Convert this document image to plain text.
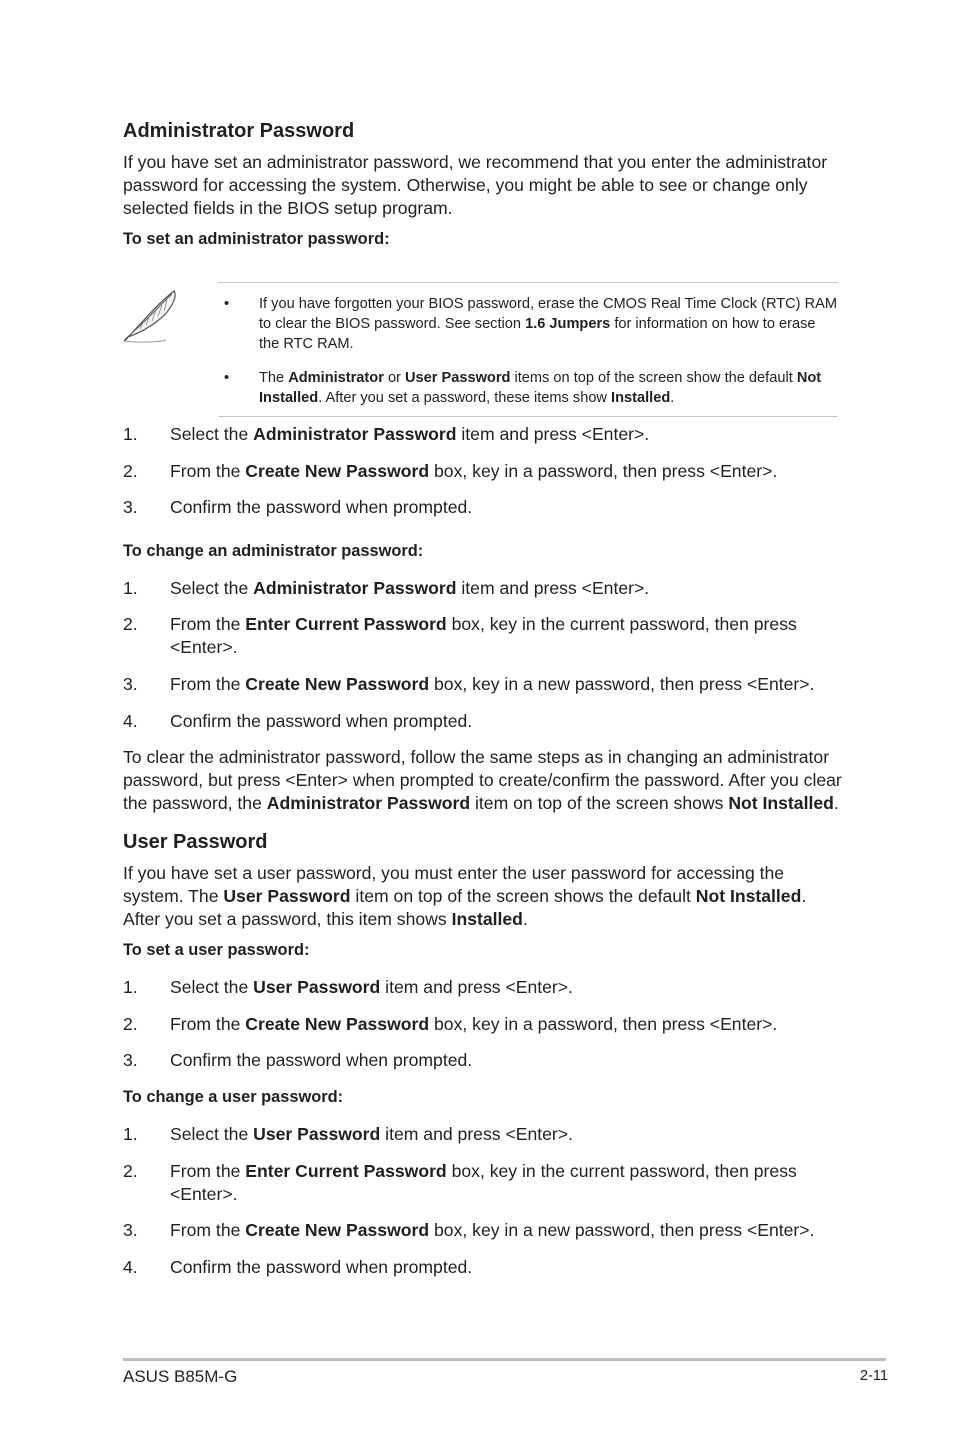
Administrator Password

If you have set an administrator password, we recommend that you enter the administrator password for accessing the system. Otherwise, you might be able to see or change only selected fields in the BIOS setup program.

To set an administrator password:

• If you have forgotten your BIOS password, erase the CMOS Real Time Clock (RTC) RAM to clear the BIOS password. See section 1.6 Jumpers for information on how to erase the RTC RAM.
• The Administrator or User Password items on top of the screen show the default Not Installed. After you set a password, these items show Installed.
1. Select the Administrator Password item and press <Enter>.
2. From the Create New Password box, key in a password, then press <Enter>.
3. Confirm the password when prompted.

To change an administrator password:

1. Select the Administrator Password item and press <Enter>.
2. From the Enter Current Password box, key in the current password, then press <Enter>.
3. From the Create New Password box, key in a new password, then press <Enter>.
4. Confirm the password when prompted.

To clear the administrator password, follow the same steps as in changing an administrator password, but press <Enter> when prompted to create/confirm the password. After you clear the password, the Administrator Password item on top of the screen shows Not Installed.

User Password

If you have set a user password, you must enter the user password for accessing the system. The User Password item on top of the screen shows the default Not Installed. After you set a password, this item shows Installed.

To set a user password:

1. Select the User Password item and press <Enter>.
2. From the Create New Password box, key in a password, then press <Enter>.
3. Confirm the password when prompted.

To change a user password:

1. Select the User Password item and press <Enter>.
2. From the Enter Current Password box, key in the current password, then press <Enter>.
3. From the Create New Password box, key in a new password, then press <Enter>.
4. Confirm the password when prompted.
ASUS B85M-G	2-11
